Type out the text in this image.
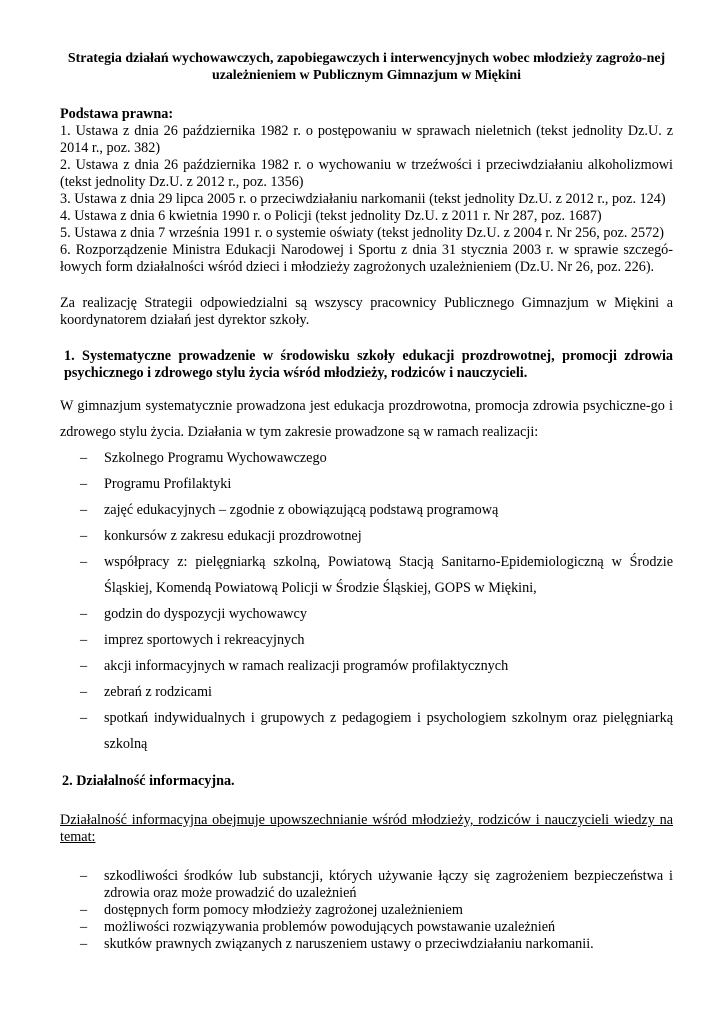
Strategia działań wychowawczych, zapobiegawczych i interwencyjnych wobec młodzieży zagrożo-nej uzależnieniem w Publicznym Gimnazjum w Miękini
Podstawa prawna:
1. Ustawa z dnia 26 października 1982 r. o postępowaniu w sprawach nieletnich (tekst jednolity Dz.U. z 2014 r., poz. 382)
2. Ustawa z dnia 26 października 1982 r. o wychowaniu w trzeźwości i przeciwdziałaniu alkoholizmowi (tekst jednolity Dz.U. z 2012 r., poz. 1356)
3. Ustawa z dnia 29 lipca 2005 r. o przeciwdziałaniu narkomanii (tekst jednolity Dz.U. z 2012 r., poz. 124)
4. Ustawa z dnia 6 kwietnia 1990 r. o Policji (tekst jednolity Dz.U. z 2011 r. Nr 287, poz. 1687)
5. Ustawa z dnia 7 września 1991 r. o systemie oświaty (tekst jednolity Dz.U. z 2004 r. Nr 256, poz. 2572)
6. Rozporządzenie Ministra Edukacji Narodowej i Sportu z dnia 31 stycznia 2003 r. w sprawie szczegó-łowych form działalności wśród dzieci i młodzieży zagrożonych uzależnieniem (Dz.U. Nr 26, poz. 226).
Za realizację Strategii odpowiedzialni są wszyscy pracownicy Publicznego Gimnazjum w Miękini a koordynatorem działań jest dyrektor szkoły.
1. Systematyczne prowadzenie w środowisku szkoły edukacji prozdrowotnej, promocji zdrowia psychicznego i zdrowego stylu życia wśród młodzieży, rodziców i nauczycieli.
W gimnazjum systematycznie prowadzona jest edukacja prozdrowotna, promocja zdrowia psychiczne-go i zdrowego stylu życia. Działania w tym zakresie prowadzone są w ramach realizacji:
– Szkolnego Programu Wychowawczego
– Programu Profilaktyki
– zajęć edukacyjnych – zgodnie z obowiązującą podstawą programową
– konkursów z zakresu edukacji prozdrowotnej
– współpracy z: pielęgniarką szkolną, Powiatową Stacją Sanitarno-Epidemiologiczną w Środzie Śląskiej, Komendą Powiatową Policji w Środzie Śląskiej, GOPS w Miękini,
– godzin do dyspozycji wychowawcy
– imprez sportowych i rekreacyjnych
– akcji informacyjnych w ramach realizacji programów profilaktycznych
– zebrań z rodzicami
– spotkań indywidualnych i grupowych z pedagogiem i psychologiem szkolnym oraz pielęgniarką szkolną
2. Działalność informacyjna.
Działalność informacyjna obejmuje upowszechnianie wśród młodzieży, rodziców i nauczycieli wiedzy na temat:
– szkodliwości środków lub substancji, których używanie łączy się zagrożeniem bezpieczeństwa i zdrowia oraz może prowadzić do uzależnień
– dostępnych form pomocy młodzieży zagrożonej uzależnieniem
– możliwości rozwiązywania problemów powodujących powstawanie uzależnień
– skutków prawnych związanych z naruszeniem ustawy o przeciwdziałaniu narkomanii.
